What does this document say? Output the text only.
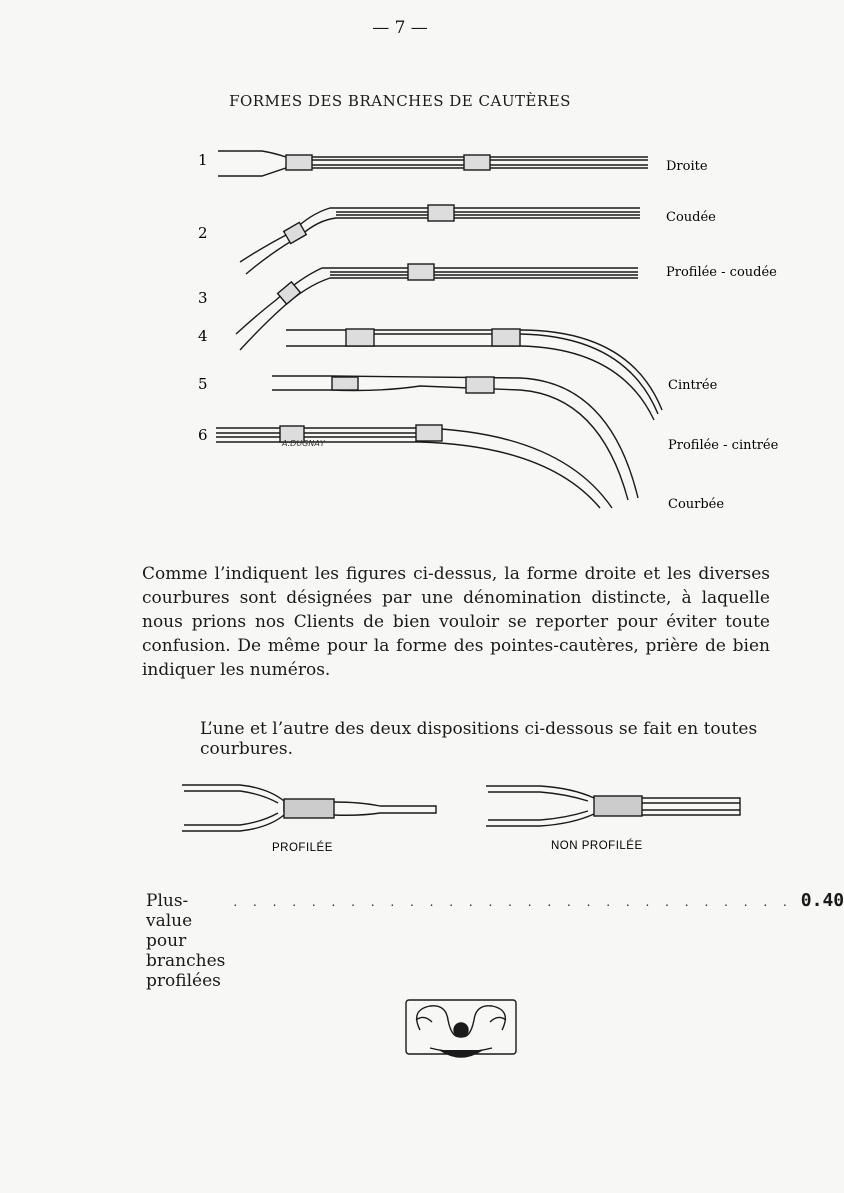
— 7 —
FORMES DES BRANCHES DE CAUTÈRES
A.DUGNAY
1
2
3
4
5
6
Droite
Coudée
Profilée - coudée
Cintrée
Profilée - cintrée
Courbée
PROFILÉE	NON PROFILÉE
Comme l’indiquent les figures ci-dessus, la forme droite et les diverses courbures sont désignées par une dénomination distincte, à laquelle nous prions nos Clients de bien vouloir se reporter pour éviter toute confusion. De même pour la forme des pointes-cautères, prière de bien indiquer les numéros.
L’une et l’autre des deux dispositions ci-dessous se fait en toutes courbures.
Plus-value pour branches profilées
. . . . . . . . . . . . . . . . . . . . . . . . . . . . . 0.40
